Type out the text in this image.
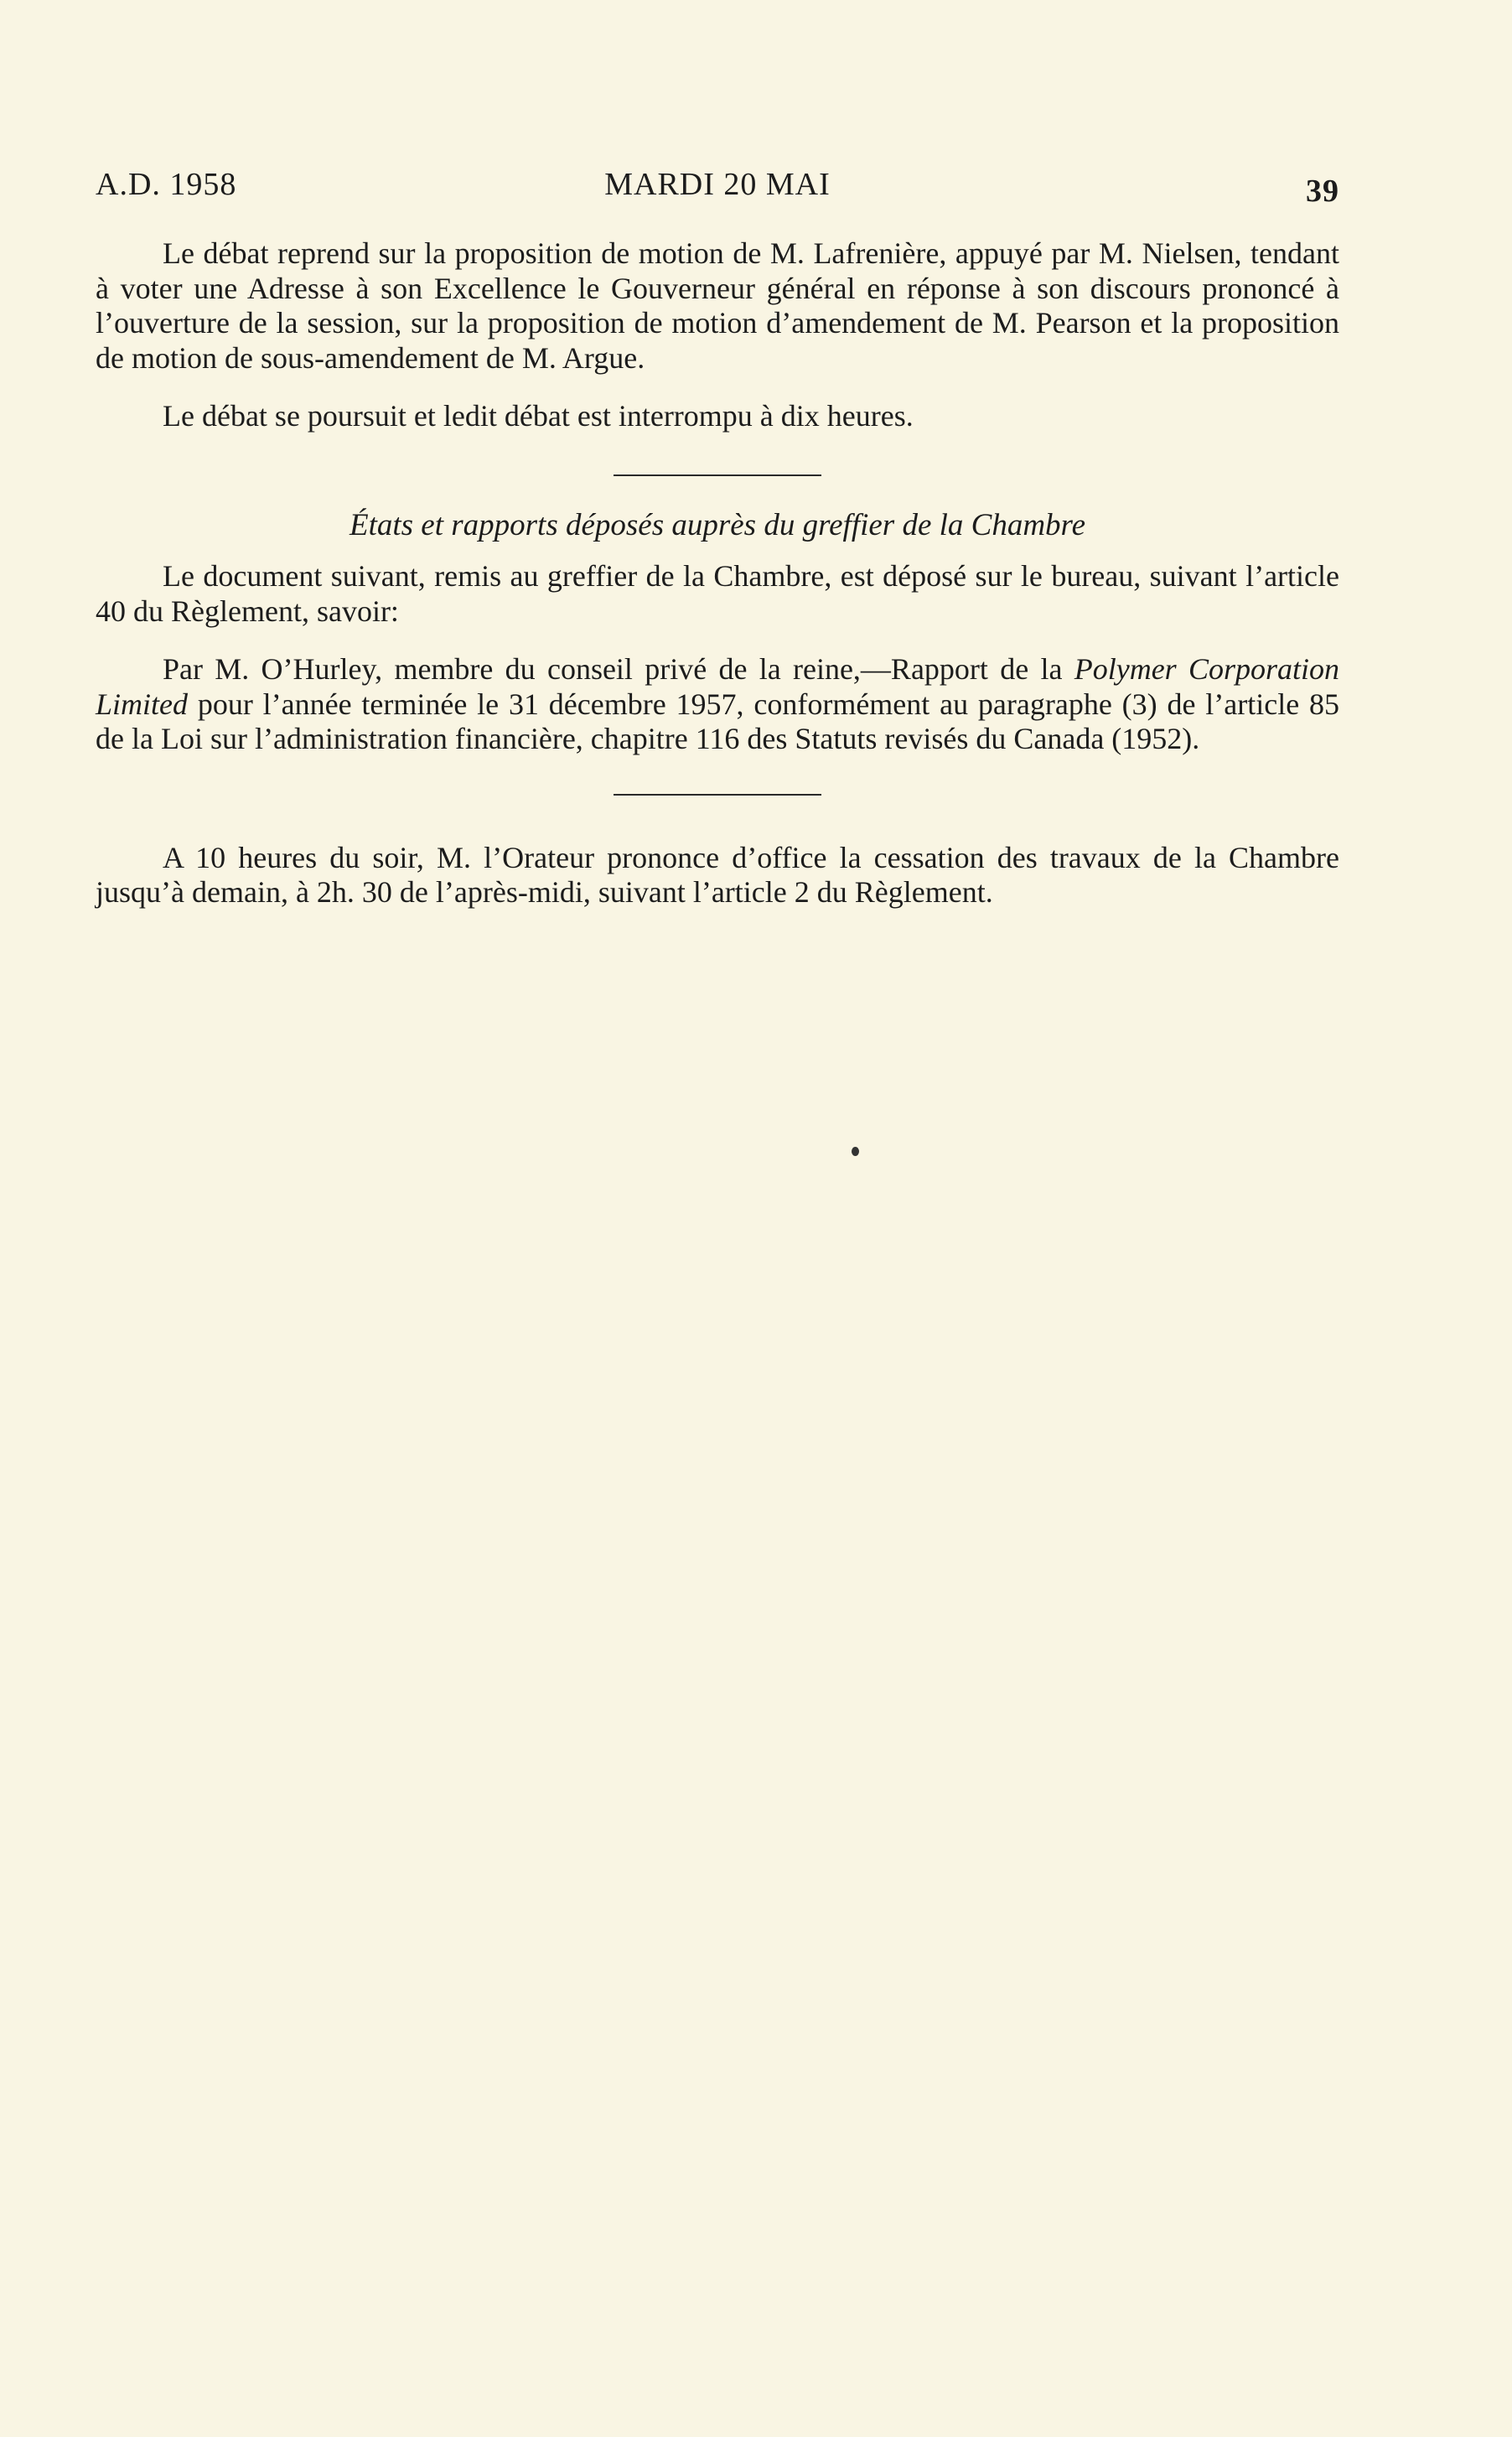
A.D. 1958	MARDI 20 MAI	39

Le débat reprend sur la proposition de motion de M. Lafrenière, appuyé par M. Nielsen, tendant à voter une Adresse à son Excellence le Gouverneur général en réponse à son discours prononcé à l’ouverture de la session, sur la proposition de motion d’amendement de M. Pearson et la proposition de motion de sous-amendement de M. Argue.

Le débat se poursuit et ledit débat est interrompu à dix heures.

États et rapports déposés auprès du greffier de la Chambre

Le document suivant, remis au greffier de la Chambre, est déposé sur le bureau, suivant l’article 40 du Règlement, savoir:

Par M. O’Hurley, membre du conseil privé de la reine,—Rapport de la Polymer Corporation Limited pour l’année terminée le 31 décembre 1957, conformément au paragraphe (3) de l’article 85 de la Loi sur l’administration financière, chapitre 116 des Statuts revisés du Canada (1952).

A 10 heures du soir, M. l’Orateur prononce d’office la cessation des travaux de la Chambre jusqu’à demain, à 2h. 30 de l’après-midi, suivant l’article 2 du Règlement.
